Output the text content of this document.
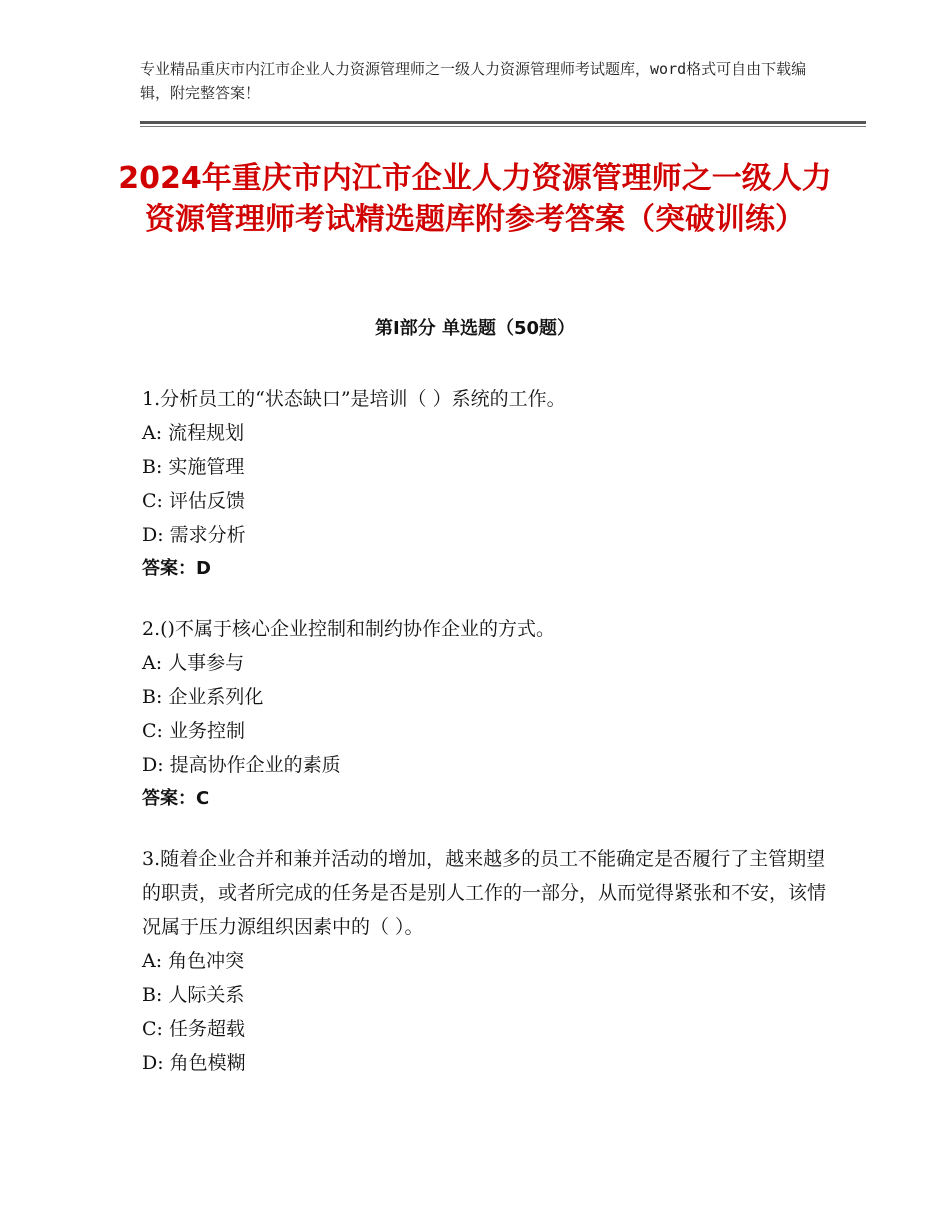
专业精品重庆市内江市企业人力资源管理师之一级人力资源管理师考试题库，word格式可自由下载编辑，附完整答案！
2024年重庆市内江市企业人力资源管理师之一级人力资源管理师考试精选题库附参考答案（突破训练）
第Ⅰ部分 单选题（50题）

1.分析员工的“状态缺口”是培训（ ）系统的工作。

A: 流程规划

B: 实施管理

C: 评估反馈

D: 需求分析

答案：D

2.()不属于核心企业控制和制约协作企业的方式。

A: 人事参与

B: 企业系列化

C: 业务控制

D: 提高协作企业的素质

答案：C

3.随着企业合并和兼并活动的增加，越来越多的员工不能确定是否履行了主管期望的职责，或者所完成的任务是否是别人工作的一部分，从而觉得紧张和不安，该情况属于压力源组织因素中的（ ）。

A: 角色冲突

B: 人际关系

C: 任务超载

D: 角色模糊
